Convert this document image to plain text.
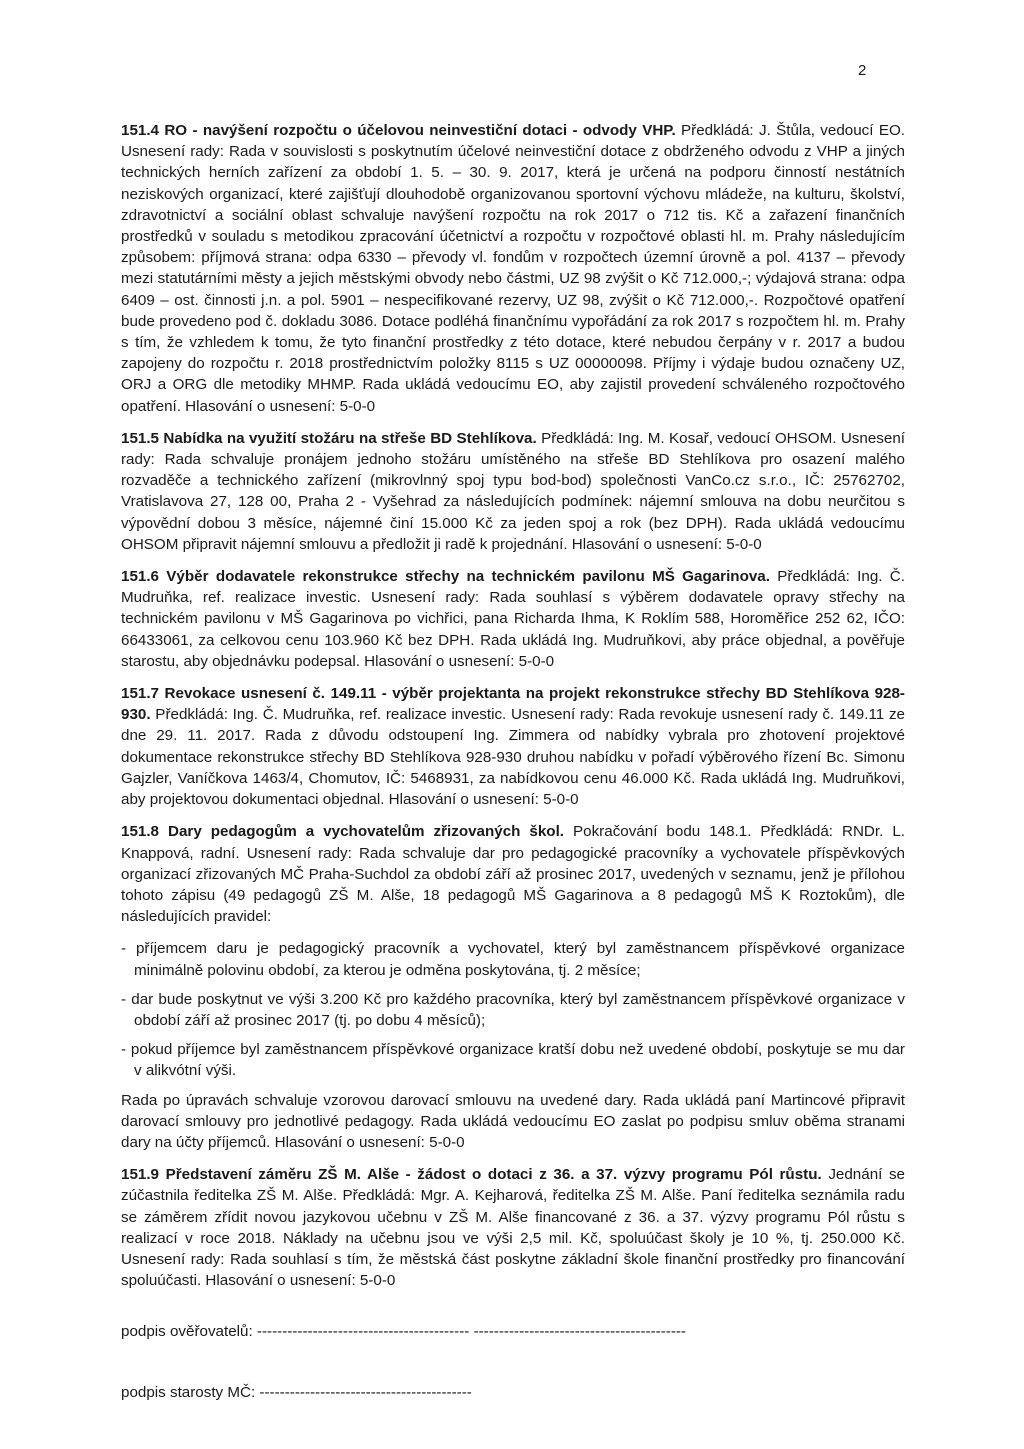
2

151.4 RO - navýšení rozpočtu o účelovou neinvestiční dotaci - odvody VHP. Předkládá: J. Štůla, vedoucí EO. Usnesení rady: Rada v souvislosti s poskytnutím účelové neinvestiční dotace z obdrženého odvodu z VHP a jiných technických herních zařízení za období 1. 5. – 30. 9. 2017, která je určená na podporu činností nestátních neziskových organizací, které zajišťují dlouhodobě organizovanou sportovní výchovu mládeže, na kulturu, školství, zdravotnictví a sociální oblast schvaluje navýšení rozpočtu na rok 2017 o 712 tis. Kč a zařazení finančních prostředků v souladu s metodikou zpracování účetnictví a rozpočtu v rozpočtové oblasti hl. m. Prahy následujícím způsobem: příjmová strana: odpa 6330 – převody vl. fondům v rozpočtech územní úrovně a pol. 4137 – převody mezi statutárními městy a jejich městskými obvody nebo částmi, UZ 98 zvýšit o Kč 712.000,-; výdajová strana: odpa 6409 – ost. činnosti j.n. a pol. 5901 – nespecifikované rezervy, UZ 98, zvýšit o Kč 712.000,-. Rozpočtové opatření bude provedeno pod č. dokladu 3086. Dotace podléhá finančnímu vypořádání za rok 2017 s rozpočtem hl. m. Prahy s tím, že vzhledem k tomu, že tyto finanční prostředky z této dotace, které nebudou čerpány v r. 2017 a budou zapojeny do rozpočtu r. 2018 prostřednictvím položky 8115 s UZ 00000098. Příjmy i výdaje budou označeny UZ, ORJ a ORG dle metodiky MHMP. Rada ukládá vedoucímu EO, aby zajistil provedení schváleného rozpočtového opatření. Hlasování o usnesení: 5-0-0

151.5 Nabídka na využití stožáru na střeše BD Stehlíkova. Předkládá: Ing. M. Kosař, vedoucí OHSOM. Usnesení rady: Rada schvaluje pronájem jednoho stožáru umístěného na střeše BD Stehlíkova pro osazení malého rozvaděče a technického zařízení (mikrovlnný spoj typu bod-bod) společnosti VanCo.cz s.r.o., IČ: 25762702, Vratislavova 27, 128 00, Praha 2 - Vyšehrad za následujících podmínek: nájemní smlouva na dobu neurčitou s výpovědní dobou 3 měsíce, nájemné činí 15.000 Kč za jeden spoj a rok (bez DPH). Rada ukládá vedoucímu OHSOM připravit nájemní smlouvu a předložit ji radě k projednání. Hlasování o usnesení: 5-0-0

151.6 Výběr dodavatele rekonstrukce střechy na technickém pavilonu MŠ Gagarinova. Předkládá: Ing. Č. Mudruňka, ref. realizace investic. Usnesení rady: Rada souhlasí s výběrem dodavatele opravy střechy na technickém pavilonu v MŠ Gagarinova po vichřici, pana Richarda Ihma, K Roklím 588, Horoměřice 252 62, IČO: 66433061, za celkovou cenu 103.960 Kč bez DPH. Rada ukládá Ing. Mudruňkovi, aby práce objednal, a pověřuje starostu, aby objednávku podepsal. Hlasování o usnesení: 5-0-0

151.7 Revokace usnesení č. 149.11 - výběr projektanta na projekt rekonstrukce střechy BD Stehlíkova 928-930. Předkládá: Ing. Č. Mudruňka, ref. realizace investic. Usnesení rady: Rada revokuje usnesení rady č. 149.11 ze dne 29. 11. 2017. Rada z důvodu odstoupení Ing. Zimmera od nabídky vybrala pro zhotovení projektové dokumentace rekonstrukce střechy BD Stehlíkova 928-930 druhou nabídku v pořadí výběrového řízení Bc. Simonu Gajzler, Vaníčkova 1463/4, Chomutov, IČ: 5468931, za nabídkovou cenu 46.000 Kč. Rada ukládá Ing. Mudruňkovi, aby projektovou dokumentaci objednal. Hlasování o usnesení: 5-0-0

151.8 Dary pedagogům a vychovatelům zřizovaných škol. Pokračování bodu 148.1. Předkládá: RNDr. L. Knappová, radní. Usnesení rady: Rada schvaluje dar pro pedagogické pracovníky a vychovatele příspěvkových organizací zřizovaných MČ Praha-Suchdol za období září až prosinec 2017, uvedených v seznamu, jenž je přílohou tohoto zápisu (49 pedagogů ZŠ M. Alše, 18 pedagogů MŠ Gagarinova a 8 pedagogů MŠ K Roztokům), dle následujících pravidel:

- příjemcem daru je pedagogický pracovník a vychovatel, který byl zaměstnancem příspěvkové organizace minimálně polovinu období, za kterou je odměna poskytována, tj. 2 měsíce;

- dar bude poskytnut ve výši 3.200 Kč pro každého pracovníka, který byl zaměstnancem příspěvkové organizace v období září až prosinec 2017 (tj. po dobu 4 měsíců);

- pokud příjemce byl zaměstnancem příspěvkové organizace kratší dobu než uvedené období, poskytuje se mu dar v alikvótní výši.

Rada po úpravách schvaluje vzorovou darovací smlouvu na uvedené dary. Rada ukládá paní Martincové připravit darovací smlouvy pro jednotlivé pedagogy. Rada ukládá vedoucímu EO zaslat po podpisu smluv oběma stranami dary na účty příjemců. Hlasování o usnesení: 5-0-0

151.9 Představení záměru ZŠ M. Alše - žádost o dotaci z 36. a 37. výzvy programu Pól růstu. Jednání se zúčastnila ředitelka ZŠ M. Alše. Předkládá: Mgr. A. Kejharová, ředitelka ZŠ M. Alše. Paní ředitelka seznámila radu se záměrem zřídit novou jazykovou učebnu v ZŠ M. Alše financované z 36. a 37. výzvy programu Pól růstu s realizací v roce 2018. Náklady na učebnu jsou ve výši 2,5 mil. Kč, spoluúčast školy je 10 %, tj. 250.000 Kč. Usnesení rady: Rada souhlasí s tím, že městská část poskytne základní škole finanční prostředky pro financování spoluúčasti. Hlasování o usnesení: 5-0-0

podpis ověřovatelů: ------------------------------------------ ------------------------------------------
podpis starosty MČ: ------------------------------------------
